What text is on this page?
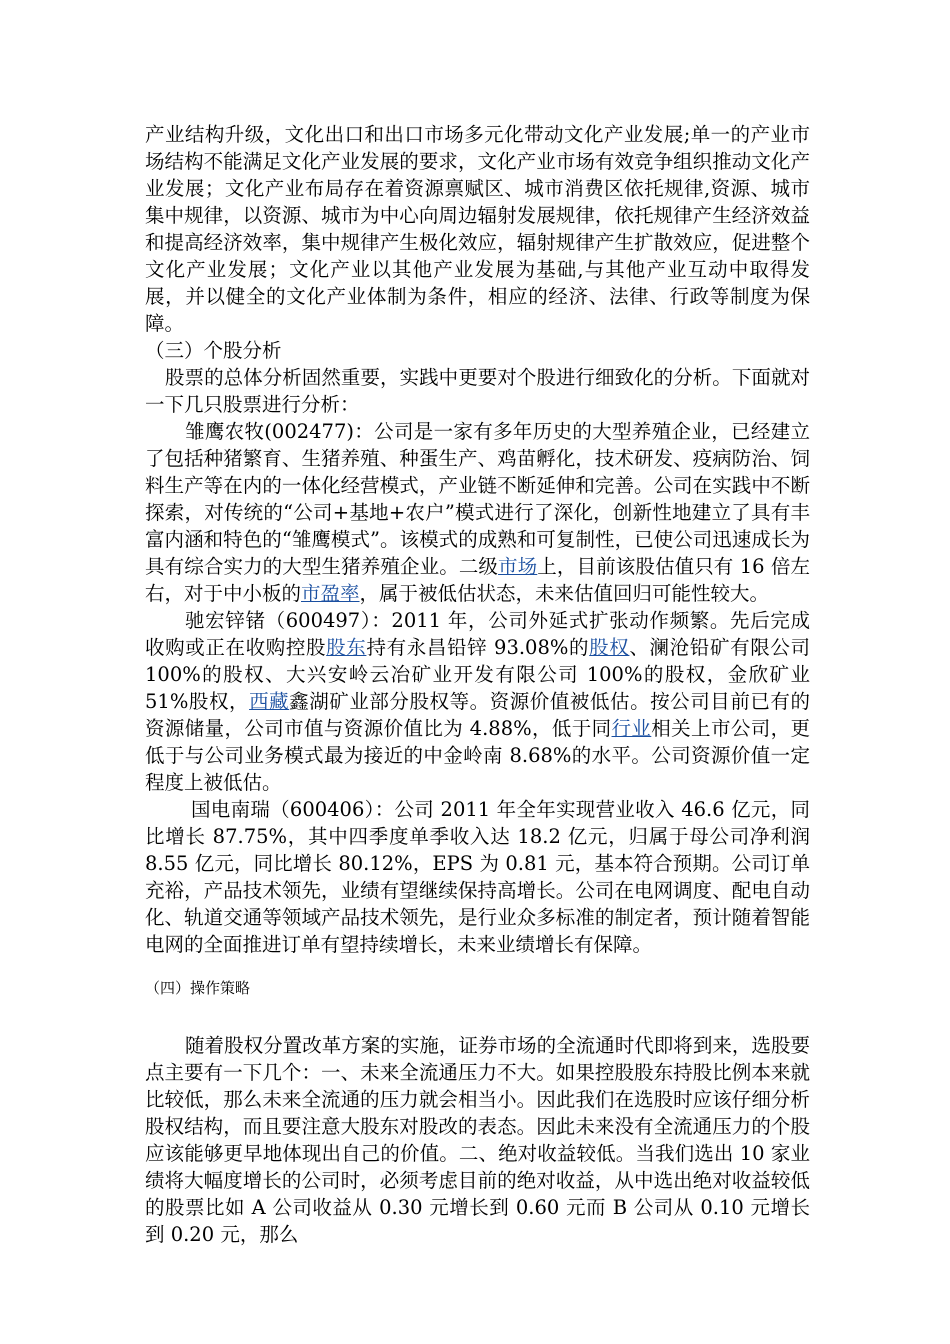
产业结构升级，文化出口和出口市场多元化带动文化产业发展;单一的产业市场结构不能满足文化产业发展的要求，文化产业市场有效竞争组织推动文化产业发展；文化产业布局存在着资源禀赋区、城市消费区依托规律,资源、城市集中规律，以资源、城市为中心向周边辐射发展规律，依托规律产生经济效益和提高经济效率，集中规律产生极化效应，辐射规律产生扩散效应，促进整个文化产业发展；文化产业以其他产业发展为基础,与其他产业互动中取得发展，并以健全的文化产业体制为条件，相应的经济、法律、行政等制度为保障。

（三）个股分析

股票的总体分析固然重要，实践中更要对个股进行细致化的分析。下面就对一下几只股票进行分析：

雏鹰农牧(002477)：公司是一家有多年历史的大型养殖企业，已经建立了包括种猪繁育、生猪养殖、种蛋生产、鸡苗孵化，技术研发、疫病防治、饲料生产等在内的一体化经营模式，产业链不断延伸和完善。公司在实践中不断探索，对传统的“公司+基地+农户”模式进行了深化，创新性地建立了具有丰富内涵和特色的“雏鹰模式”。该模式的成熟和可复制性，已使公司迅速成长为具有综合实力的大型生猪养殖企业。二级市场上，目前该股估值只有 16 倍左右，对于中小板的市盈率，属于被低估状态，未来估值回归可能性较大。

驰宏锌锗（600497）：2011 年，公司外延式扩张动作频繁。先后完成收购或正在收购控股股东持有永昌铅锌 93.08%的股权、澜沧铅矿有限公司 100%的股权、大兴安岭云冶矿业开发有限公司 100%的股权，金欣矿业 51%股权，西藏鑫湖矿业部分股权等。资源价值被低估。按公司目前已有的资源储量，公司市值与资源价值比为 4.88%，低于同行业相关上市公司，更低于与公司业务模式最为接近的中金岭南 8.68%的水平。公司资源价值一定程度上被低估。

国电南瑞（600406）：公司 2011 年全年实现营业收入 46.6 亿元，同比增长 87.75%，其中四季度单季收入达 18.2 亿元，归属于母公司净利润 8.55 亿元，同比增长 80.12%，EPS 为 0.81 元，基本符合预期。公司订单充裕，产品技术领先，业绩有望继续保持高增长。公司在电网调度、配电自动化、轨道交通等领域产品技术领先，是行业众多标准的制定者，预计随着智能电网的全面推进订单有望持续增长，未来业绩增长有保障。

（四）操作策略

随着股权分置改革方案的实施，证券市场的全流通时代即将到来，选股要点主要有一下几个：一、未来全流通压力不大。如果控股股东持股比例本来就比较低，那么未来全流通的压力就会相当小。因此我们在选股时应该仔细分析股权结构，而且要注意大股东对股改的表态。因此未来没有全流通压力的个股应该能够更早地体现出自己的价值。二、绝对收益较低。当我们选出 10 家业绩将大幅度增长的公司时，必须考虑目前的绝对收益，从中选出绝对收益较低的股票比如 A 公司收益从 0.30 元增长到 0.60 元而 B 公司从 0.10 元增长到 0.20 元，那么
